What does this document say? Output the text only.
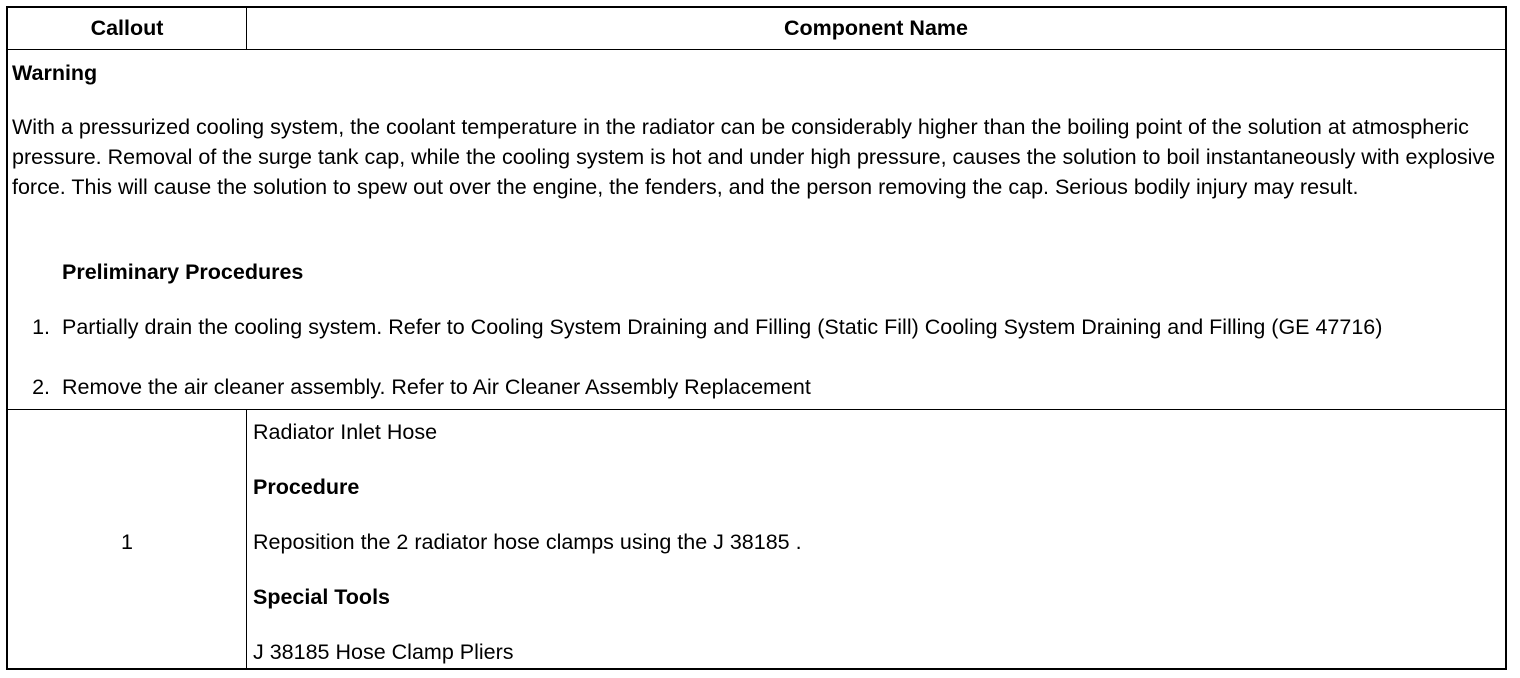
Callout	Component Name
Warning
With a pressurized cooling system, the coolant temperature in the radiator can be considerably higher than the boiling point of the solution at atmospheric pressure. Removal of the surge tank cap, while the cooling system is hot and under high pressure, causes the solution to boil instantaneously with explosive force. This will cause the solution to spew out over the engine, the fenders, and the person removing the cap. Serious bodily injury may result.
Preliminary Procedures
1. Partially drain the cooling system. Refer to Cooling System Draining and Filling (Static Fill) Cooling System Draining and Filling (GE 47716)
2. Remove the air cleaner assembly. Refer to Air Cleaner Assembly Replacement
1
Radiator Inlet Hose
Procedure
Reposition the 2 radiator hose clamps using the J 38185 .
Special Tools
J 38185 Hose Clamp Pliers
